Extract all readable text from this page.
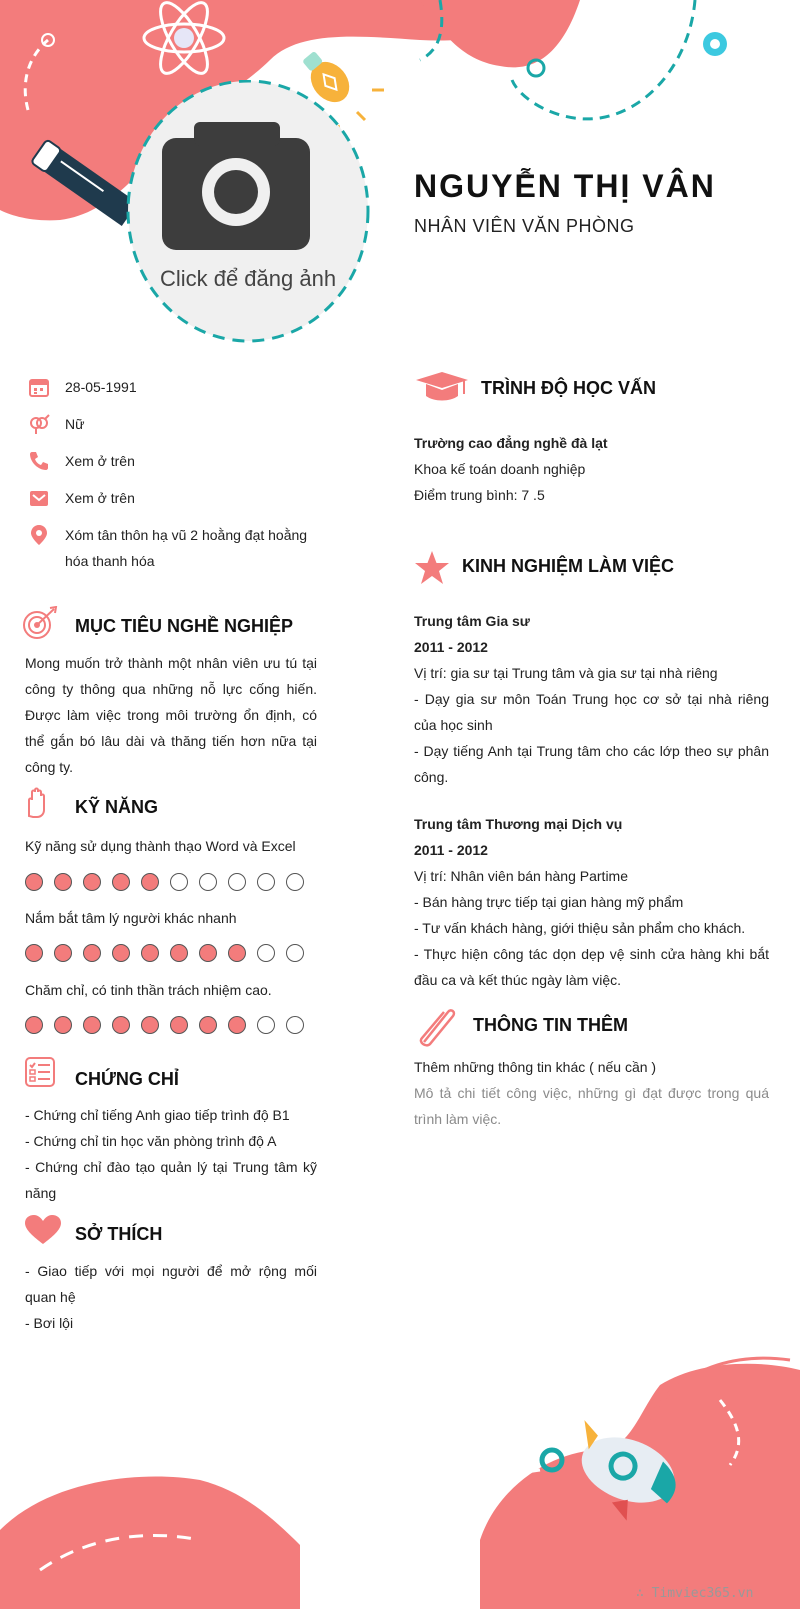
Click để đăng ảnh
NGUYỄN THỊ VÂN
NHÂN VIÊN VĂN PHÒNG
28-05-1991
Nữ
Xem ở trên
Xem ở trên
Xóm tân thôn hạ vũ 2 hoằng đạt hoằng hóa thanh hóa
MỤC TIÊU NGHỀ NGHIỆP
Mong muốn trở thành một nhân viên ưu tú tại công ty thông qua những nỗ lực cống hiến. Được làm việc trong môi trường ổn định, có thể gắn bó lâu dài và thăng tiến hơn nữa tại công ty.
KỸ NĂNG
Kỹ năng sử dụng thành thạo Word và Excel
Nắm bắt tâm lý người khác nhanh
Chăm chỉ, có tinh thần trách nhiệm cao.
CHỨNG CHỈ

- Chứng chỉ tiếng Anh giao tiếp trình độ B1

- Chứng chỉ tin học văn phòng trình độ A

- Chứng chỉ đào tạo quản lý tại Trung tâm kỹ năng

SỞ THÍCH

- Giao tiếp với mọi người để mở rộng mối quan hệ

- Bơi lội

TRÌNH ĐỘ HỌC VẤN

Trường cao đẳng nghề đà lạt

Khoa kế toán doanh nghiệp

Điểm trung bình: 7 .5

KINH NGHIỆM LÀM VIỆC
Trung tâm Gia sư
2011 - 2012
Vị trí: gia sư tại Trung tâm và gia sư tại nhà riêng
- Dạy gia sư môn Toán Trung học cơ sở tại nhà riêng của học sinh
- Dạy tiếng Anh tại Trung tâm cho các lớp theo sự phân công.
Trung tâm Thương mại Dịch vụ
2011 - 2012
Vị trí: Nhân viên bán hàng Partime
- Bán hàng trực tiếp tại gian hàng mỹ phẩm
- Tư vấn khách hàng, giới thiệu sản phẩm cho khách.
- Thực hiện công tác dọn dẹp vệ sinh cửa hàng khi bắt đầu ca và kết thúc ngày làm việc.
THÔNG TIN THÊM

Thêm những thông tin khác ( nếu cần )

Mô tả chi tiết công việc, những gì đạt được trong quá trình làm việc.

∴ Timviec365.vn
